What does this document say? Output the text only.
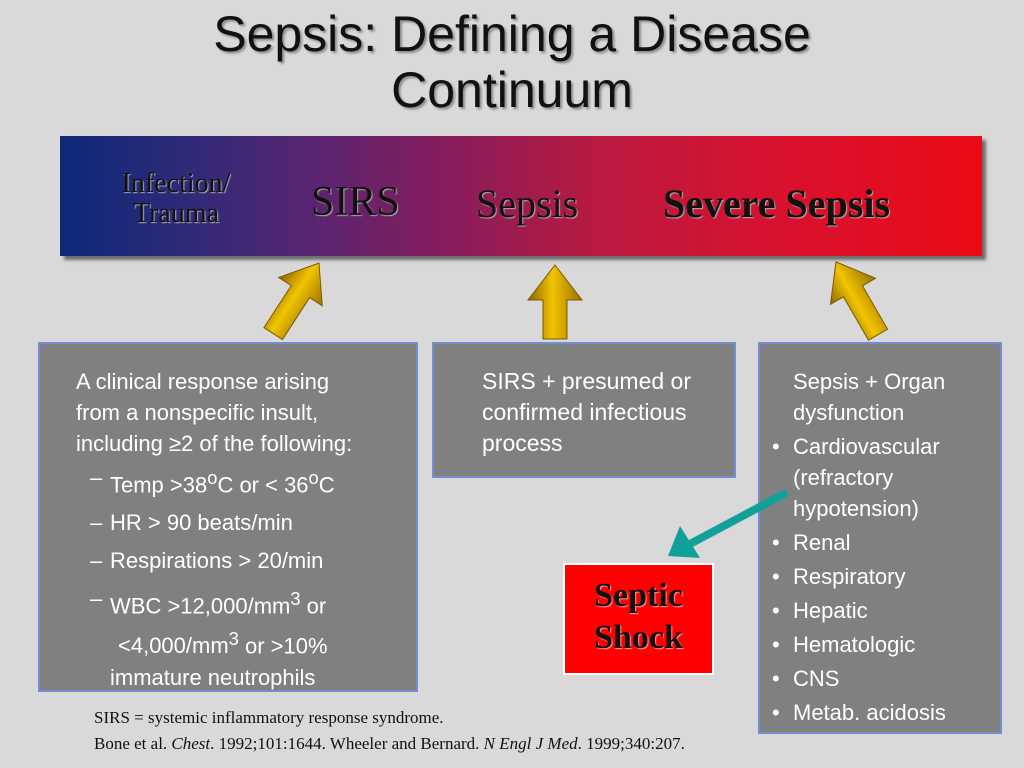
Sepsis: Defining a Disease
Continuum
Infection/
Trauma	SIRS Sepsis Severe Sepsis
A clinical response arising
from a nonspecific insult,
including ≥2 of the following:
– Temp $>38^oC$ or < $36^oC$
– HR > 90 beats/min
– Respirations > 20/min
– WBC $>12,000/mm^3$ or
$<4,000/mm^3$ or >10%
immature neutrophils
SIRS + presumed or confirmed infectious process
Sepsis + Organ
dysfunction
• Cardiovascular (refractory hypotension)
• Renal
• Respiratory
• Hepatic
• Hematologic
• CNS
• Metab. acidosis
Septic
Shock
SIRS = systemic inflammatory response syndrome.
Bone et al. Chest. 1992;101:1644. Wheeler and Bernard. N Engl J Med. 1999;340:207.
